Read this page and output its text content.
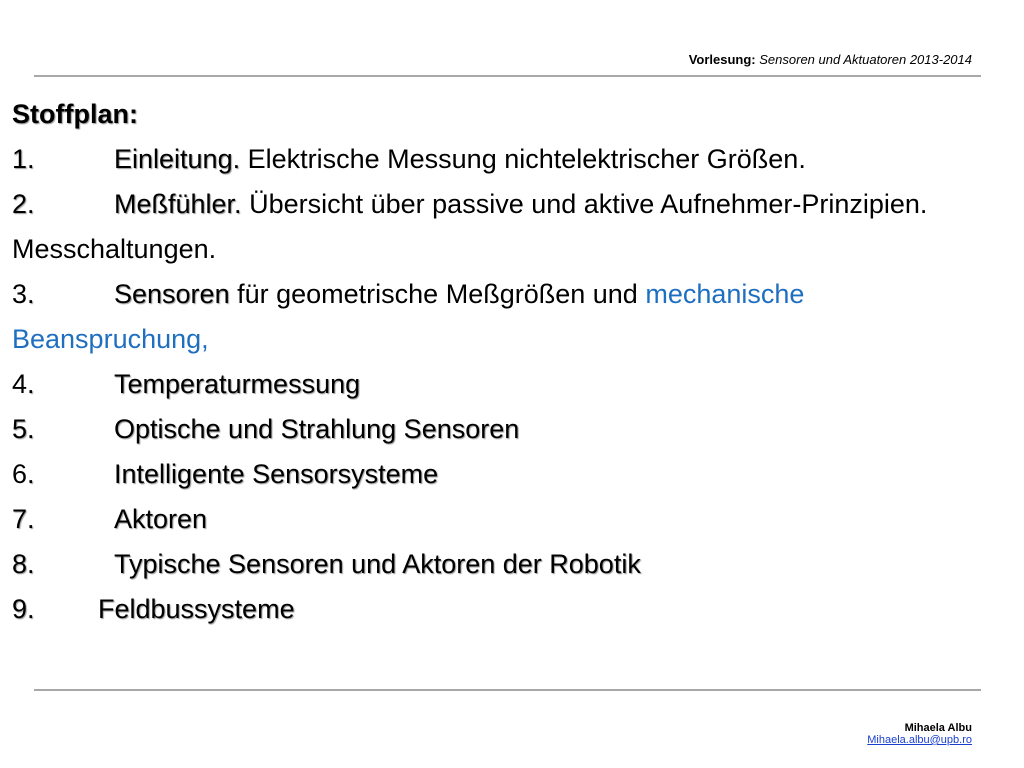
Vorlesung: Sensoren und Aktuatoren 2013-2014
Stoffplan:
1.	Einleitung. Elektrische Messung nichtelektrischer Größen.
2.	Meßfühler. Übersicht über passive und aktive Aufnehmer-Prinzipien. Messchaltungen.
3.	Sensoren für geometrische Meßgrößen und mechanische Beanspruchung,
4.	Temperaturmessung
5.	Optische und Strahlung Sensoren
6.	Intelligente Sensorsysteme
7.	Aktoren
8.	Typische Sensoren und Aktoren der Robotik
9. Feldbussysteme
Mihaela Albu
Mihaela.albu@upb.ro
